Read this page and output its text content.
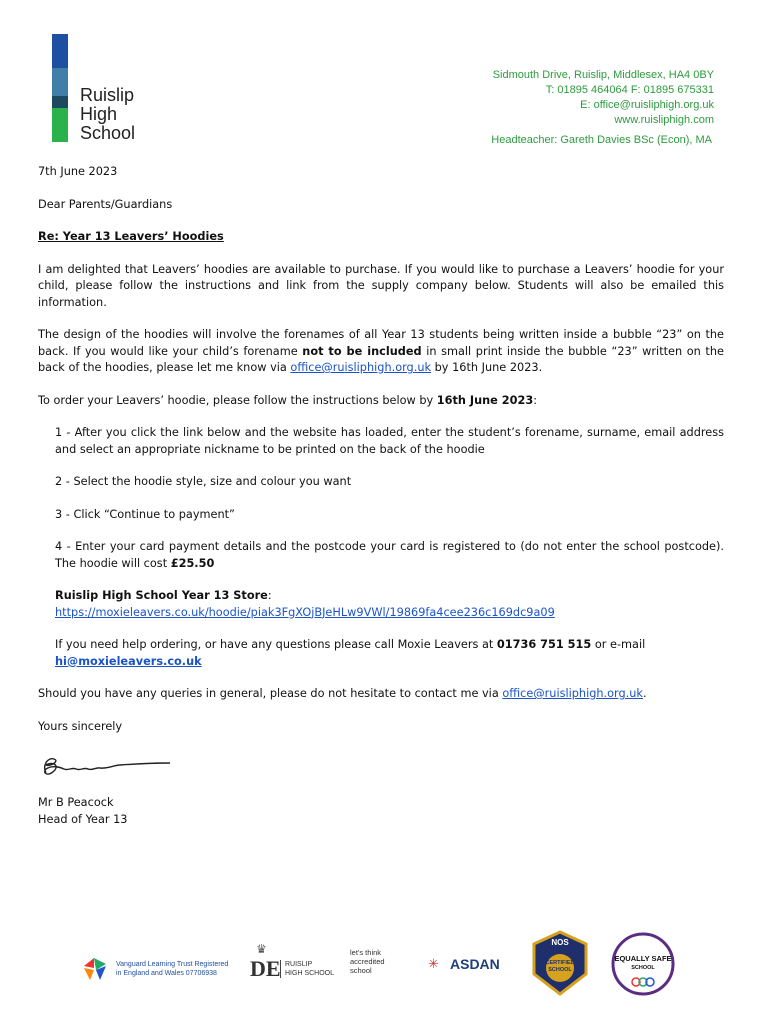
Ruislip
High
School
Sidmouth Drive, Ruislip, Middlesex, HA4 0BY
T: 01895 464064 F: 01895 675331
E: office@ruisliphigh.org.uk
www.ruisliphigh.com
Headteacher: Gareth Davies BSc (Econ), MA

7th June 2023

Dear Parents/Guardians

Re: Year 13 Leavers’ Hoodies

I am delighted that Leavers’ hoodies are available to purchase. If you would like to purchase a Leavers’ hoodie for your child, please follow the instructions and link from the supply company below. Students will also be emailed this information.

The design of the hoodies will involve the forenames of all Year 13 students being written inside a bubble “23” on the back. If you would like your child’s forename not to be included in small print inside the bubble “23” written on the back of the hoodies, please let me know via office@ruisliphigh.org.uk by 16th June 2023.

To order your Leavers’ hoodie, please follow the instructions below by 16th June 2023:

1 - After you click the link below and the website has loaded, enter the student’s forename, surname, email address and select an appropriate nickname to be printed on the back of the hoodie

2 - Select the hoodie style, size and colour you want

3 - Click “Continue to payment”

4 - Enter your card payment details and the postcode your card is registered to (do not enter the school postcode). The hoodie will cost £25.50

Ruislip High School Year 13 Store:
https://moxieleavers.co.uk/hoodie/piak3FgXOjBJeHLw9VWl/19869fa4cee236c169dc9a09

If you need help ordering, or have any questions please call Moxie Leavers at 01736 751 515 or e-mail
hi@moxieleavers.co.uk

Should you have any queries in general, please do not hesitate to contact me via office@ruisliphigh.org.uk.

Yours sincerely

Mr B Peacock

Head of Year 13

Vanguard Learning Trust Registered
in England and Wales 07706938	DE
♛
RUISLIP
HIGH SCHOOL
let's think
accredited
school	✳ ASDAN
NOS
CERTIFIED
SCHOOL
EQUALLY SAFE
SCHOOL
